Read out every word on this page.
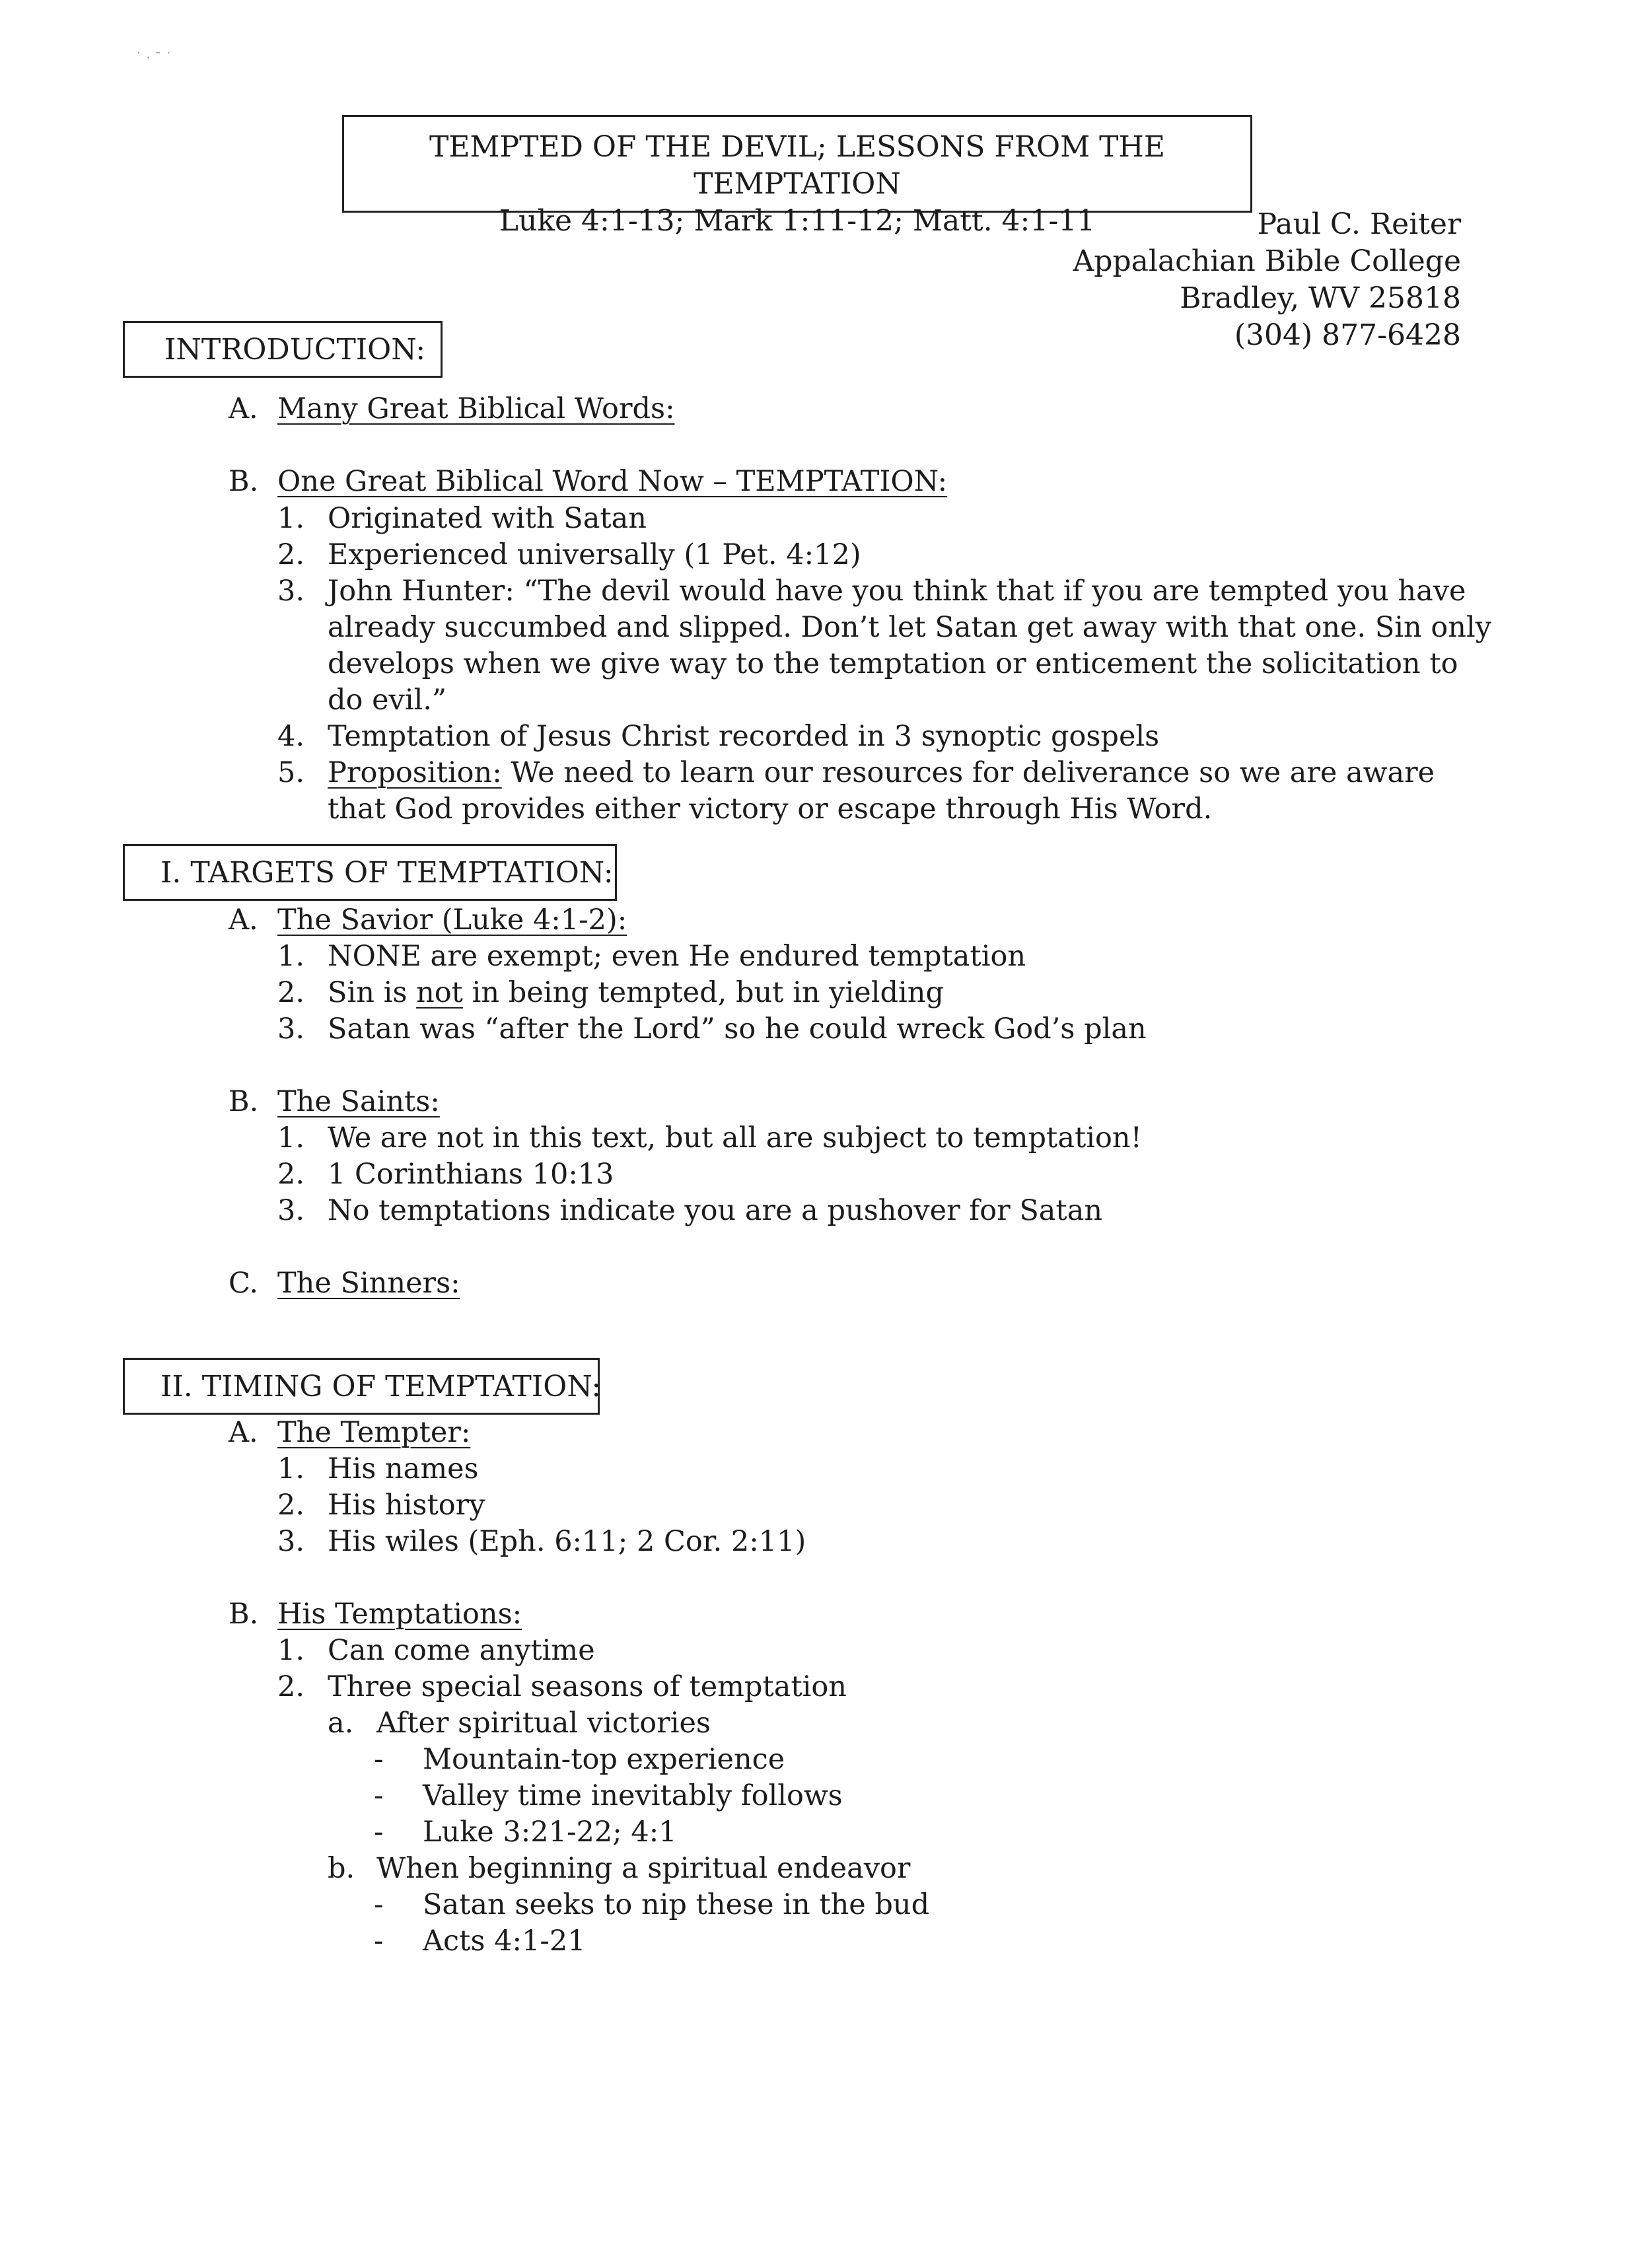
˙ · ¯ ˙
TEMPTED OF THE DEVIL; LESSONS FROM THE TEMPTATION
Luke 4:1-13; Mark 1:11-12; Matt. 4:1-11	Paul C. Reiter
Appalachian Bible College
Bradley, WV 25818
(304) 877-6428
INTRODUCTION:
A. Many Great Biblical Words:
B. One Great Biblical Word Now – TEMPTATION:
1. Originated with Satan
2. Experienced universally (1 Pet. 4:12)
3. John Hunter: “The devil would have you think that if you are tempted you have
already succumbed and slipped. Don’t let Satan get away with that one. Sin only
develops when we give way to the temptation or enticement the solicitation to
do evil.”
4. Temptation of Jesus Christ recorded in 3 synoptic gospels
5. Proposition: We need to learn our resources for deliverance so we are aware
that God provides either victory or escape through His Word.
I. TARGETS OF TEMPTATION:
A. The Savior (Luke 4:1-2):
1. NONE are exempt; even He endured temptation
2. Sin is not in being tempted, but in yielding
3. Satan was “after the Lord” so he could wreck God’s plan
B. The Saints:
1. We are not in this text, but all are subject to temptation!
2. 1 Corinthians 10:13
3. No temptations indicate you are a pushover for Satan
C. The Sinners:
II. TIMING OF TEMPTATION:
A. The Tempter:
1. His names
2. His history
3. His wiles (Eph. 6:11; 2 Cor. 2:11)
B. His Temptations:
1. Can come anytime
2. Three special seasons of temptation
a. After spiritual victories
- Mountain-top experience
- Valley time inevitably follows
- Luke 3:21-22; 4:1
b. When beginning a spiritual endeavor
- Satan seeks to nip these in the bud
- Acts 4:1-21
